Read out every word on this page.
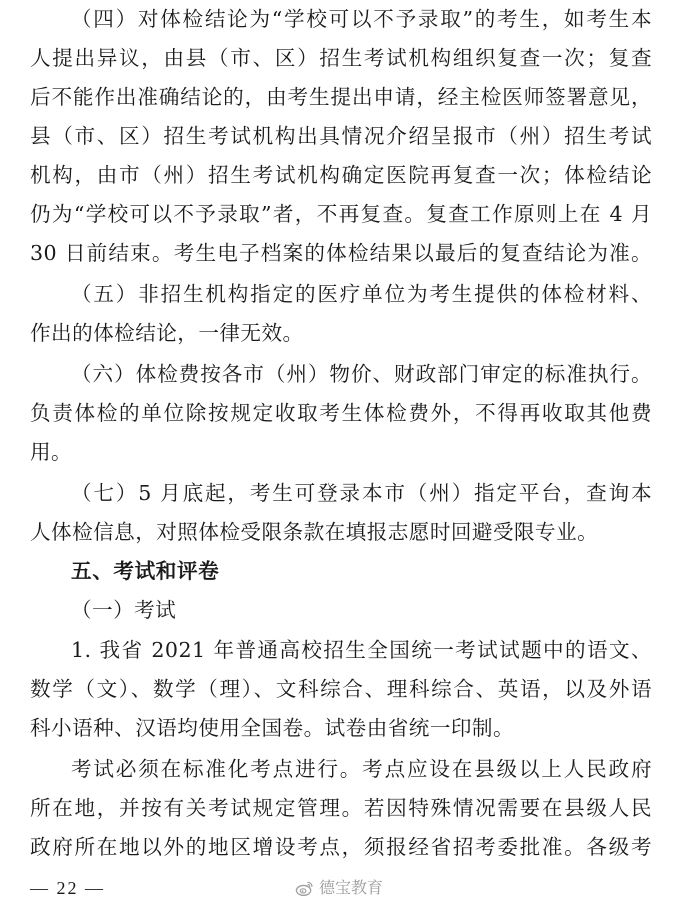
（四）对体检结论为“学校可以不予录取”的考生，如考生本
人提出异议，由县（市、区）招生考试机构组织复查一次；复查
后不能作出准确结论的，由考生提出申请，经主检医师签署意见，
县（市、区）招生考试机构出具情况介绍呈报市（州）招生考试
机构，由市（州）招生考试机构确定医院再复查一次；体检结论
仍为“学校可以不予录取”者，不再复查。复查工作原则上在 4 月
30 日前结束。考生电子档案的体检结果以最后的复查结论为准。
（五）非招生机构指定的医疗单位为考生提供的体检材料、
作出的体检结论，一律无效。
（六）体检费按各市（州）物价、财政部门审定的标准执行。
负责体检的单位除按规定收取考生体检费外，不得再收取其他费
用。
（七）5 月底起，考生可登录本市（州）指定平台，查询本
人体检信息，对照体检受限条款在填报志愿时回避受限专业。
五、考试和评卷
（一）考试
1. 我省 2021 年普通高校招生全国统一考试试题中的语文、
数学（文）、数学（理）、文科综合、理科综合、英语，以及外语
科小语种、汉语均使用全国卷。试卷由省统一印制。
考试必须在标准化考点进行。考点应设在县级以上人民政府
所在地，并按有关考试规定管理。若因特殊情况需要在县级人民
政府所在地以外的地区增设考点，须报经省招考委批准。各级考
— 22 —	德宝教育
